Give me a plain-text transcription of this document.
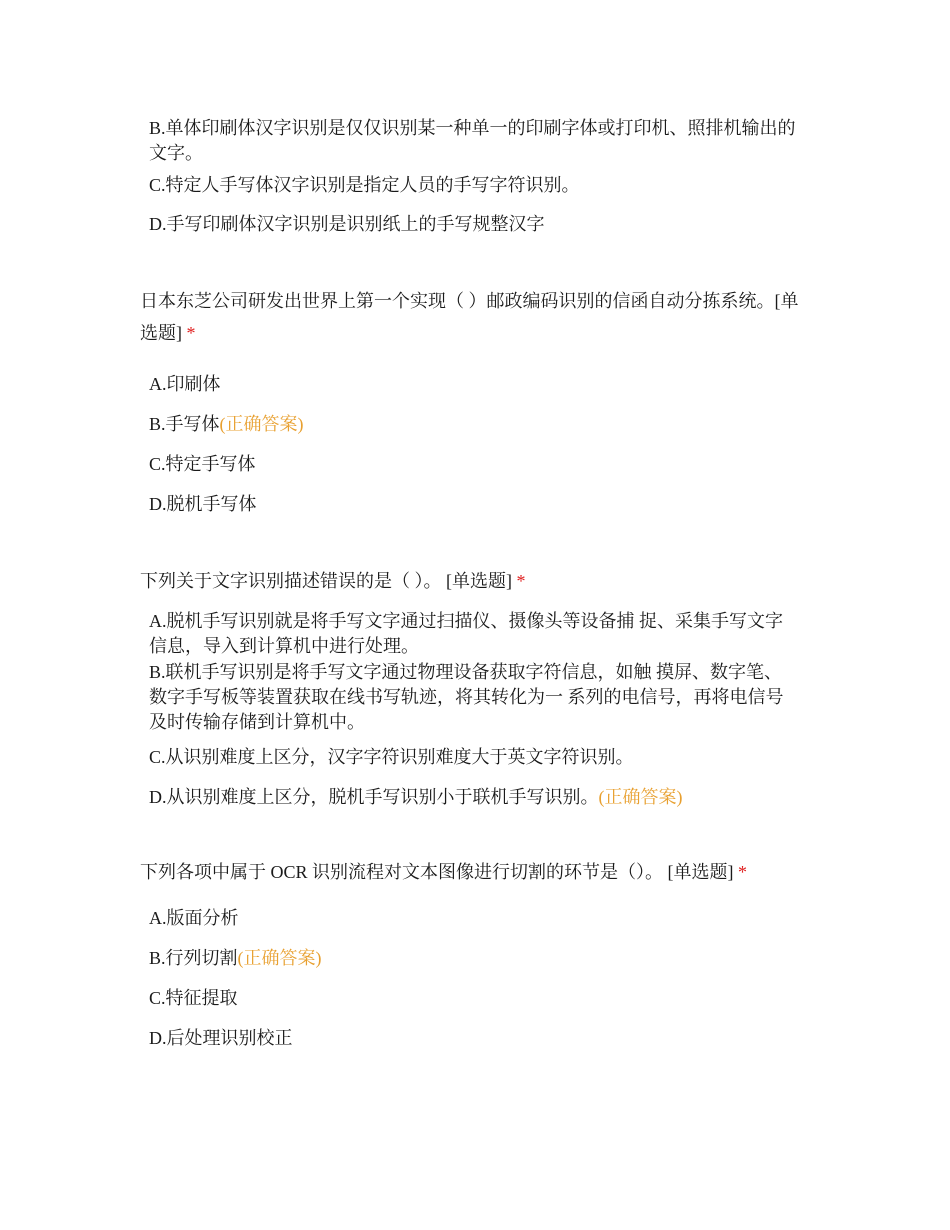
B.单体印刷体汉字识别是仅仅识别某一种单一的印刷字体或打印机、照排机输出的文字。
C.特定人手写体汉字识别是指定人员的手写字符识别。
D.手写印刷体汉字识别是识别纸上的手写规整汉字

日本东芝公司研发出世界上第一个实现（ ）邮政编码识别的信函自动分拣系统。[单选题] *

A.印刷体
B.手写体(正确答案)
C.特定手写体
D.脱机手写体

下列关于文字识别描述错误的是（ ）。 [单选题] *

A.脱机手写识别就是将手写文字通过扫描仪、摄像头等设备捕 捉、采集手写文字信息，导入到计算机中进行处理。
B.联机手写识别是将手写文字通过物理设备获取字符信息，如触 摸屏、数字笔、数字手写板等装置获取在线书写轨迹，将其转化为一 系列的电信号，再将电信号及时传输存储到计算机中。
C.从识别难度上区分，汉字字符识别难度大于英文字符识别。
D.从识别难度上区分，脱机手写识别小于联机手写识别。(正确答案)

下列各项中属于 OCR 识别流程对文本图像进行切割的环节是（）。 [单选题] *

A.版面分析
B.行列切割(正确答案)
C.特征提取
D.后处理识别校正
